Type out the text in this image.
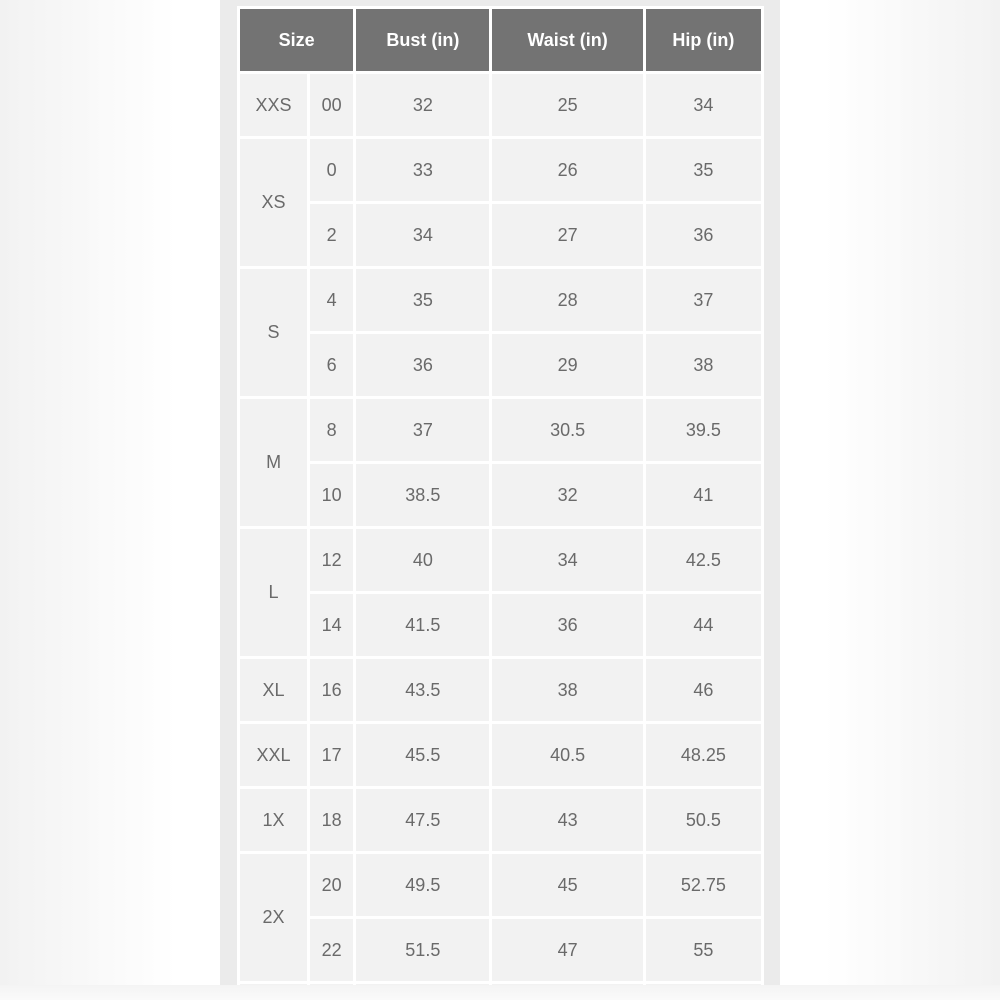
Size		Bust (in)	Waist (in)	Hip (in)
XXS	00	32	25	34
XS	0	33	26	35
	2	34	27	36
S	4	35	28	37
	6	36	29	38
M	8	37	30.5	39.5
	10	38.5	32	41
L	12	40	34	42.5
	14	41.5	36	44
XL	16	43.5	38	46
XXL	17	45.5	40.5	48.25
1X	18	47.5	43	50.5
2X	20	49.5	45	52.75
	22	51.5	47	55
